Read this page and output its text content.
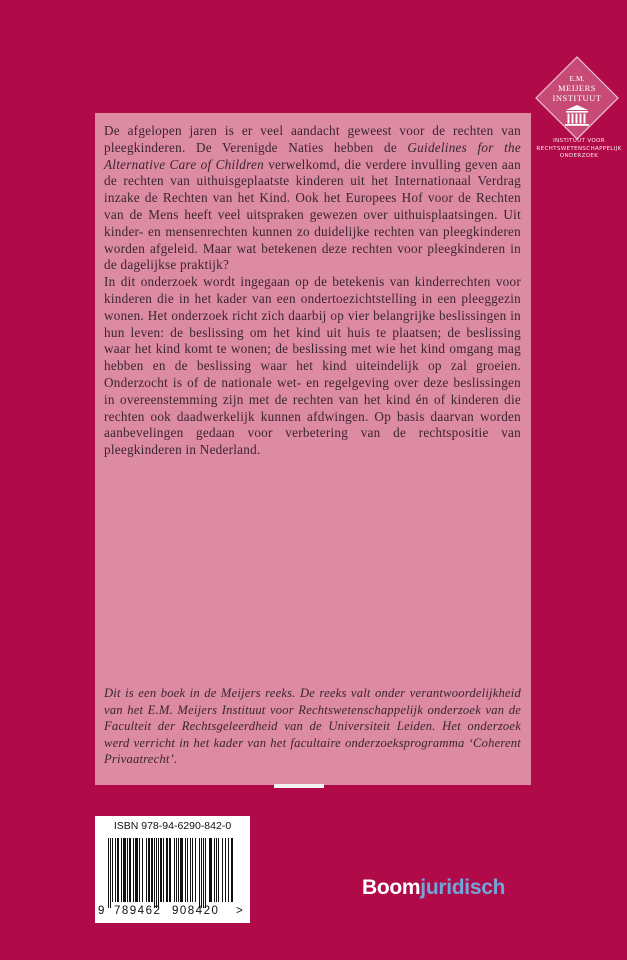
De afgelopen jaren is er veel aandacht geweest voor de rechten van pleegkinderen. De Verenigde Naties hebben de Guidelines for the Alternative Care of Children verwelkomd, die verdere invulling geven aan de rechten van uithuisgeplaatste kinderen uit het Internationaal Verdrag inzake de Rechten van het Kind. Ook het Europees Hof voor de Rechten van de Mens heeft veel uitspraken gewezen over uithuisplaatsingen. Uit kinder- en mensenrechten kunnen zo duidelijke rechten van pleegkinderen worden afgeleid. Maar wat betekenen deze rechten voor pleegkinderen in de dagelijkse praktijk?

In dit onderzoek wordt ingegaan op de betekenis van kinderrechten voor kinderen die in het kader van een ondertoezichtstelling in een pleeggezin wonen. Het onderzoek richt zich daarbij op vier belangrijke beslissingen in hun leven: de beslissing om het kind uit huis te plaatsen; de beslissing waar het kind komt te wonen; de beslissing met wie het kind omgang mag hebben en de beslissing waar het kind uiteindelijk op zal groeien. Onderzocht is of de nationale wet- en regelgeving over deze beslissingen in overeenstemming zijn met de rechten van het kind én of kinderen die rechten ook daadwerkelijk kunnen afdwingen. Op basis daarvan worden aanbevelingen gedaan voor verbetering van de rechtspositie van pleegkinderen in Nederland.

Dit is een boek in de Meijers reeks. De reeks valt onder verantwoordelijkheid van het E.M. Meijers Instituut voor Rechtswetenschappelijk onderzoek van de Faculteit der Rechtsgeleerdheid van de Universiteit Leiden. Het onderzoek werd verricht in het kader van het facultaire onderzoeksprogramma ‘Coherent Privaatrecht’.

E.M.
MEIJERS
INSTITUUT
INSTITUUT VOOR
RECHTSWETENSCHAPPELIJK
ONDERZOEK
ISBN 978-94-6290-842-0
9 789462 908420 >
Boomjuridisch
